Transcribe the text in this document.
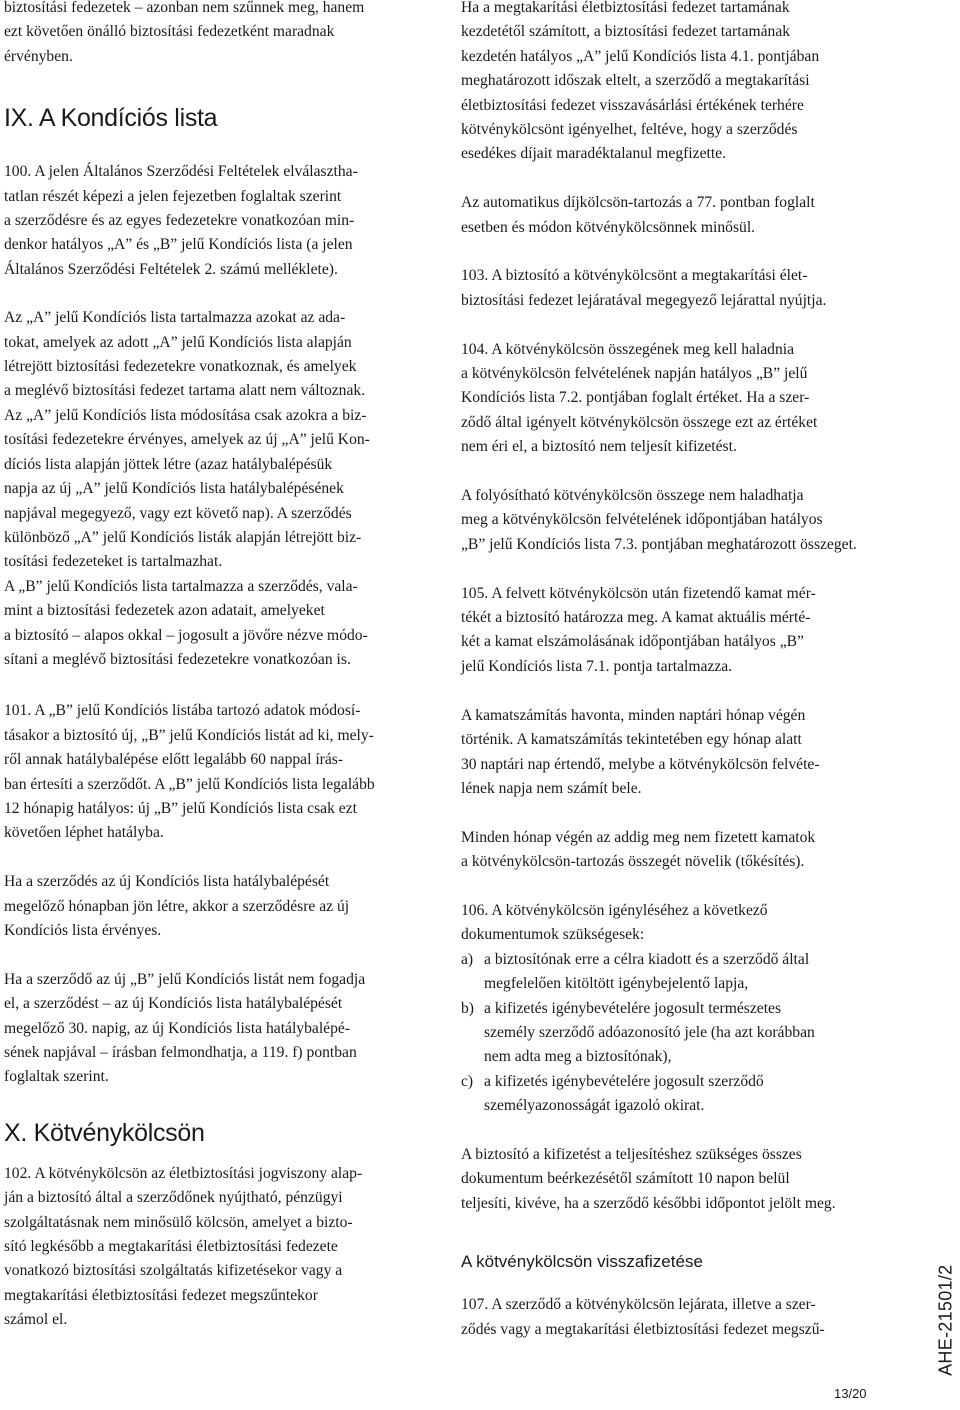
biztosítási fedezetek – azonban nem szűnnek meg, hanem
ezt követően önálló biztosítási fedezetként maradnak
érvényben.

IX. A Kondíciós lista

100. A jelen Általános Szerződési Feltételek elválasztha-
tatlan részét képezi a jelen fejezetben foglaltak szerint
a szerződésre és az egyes fedezetekre vonatkozóan min-
denkor hatályos „A” és „B” jelű Kondíciós lista (a jelen
Általános Szerződési Feltételek 2. számú melléklete).

Az „A” jelű Kondíciós lista tartalmazza azokat az ada-
tokat, amelyek az adott „A” jelű Kondíciós lista alapján
létrejött biztosítási fedezetekre vonatkoznak, és amelyek
a meglévő biztosítási fedezet tartama alatt nem változnak.

Az „A” jelű Kondíciós lista módosítása csak azokra a biz-
tosítási fedezetekre érvényes, amelyek az új „A” jelű Kon-
díciós lista alapján jöttek létre (azaz hatálybalépésük
napja az új „A” jelű Kondíciós lista hatálybalépésének
napjával megegyező, vagy ezt követő nap). A szerződés
különböző „A” jelű Kondíciós listák alapján létrejött biz-
tosítási fedezeteket is tartalmazhat.

A „B” jelű Kondíciós lista tartalmazza a szerződés, vala-
mint a biztosítási fedezetek azon adatait, amelyeket
a biztosító – alapos okkal – jogosult a jövőre nézve módo-
sítani a meglévő biztosítási fedezetekre vonatkozóan is.

101. A „B” jelű Kondíciós listába tartozó adatok módosí-
tásakor a biztosító új, „B” jelű Kondíciós listát ad ki, mely-
ről annak hatálybalépése előtt legalább 60 nappal írás-
ban értesíti a szerződőt. A „B” jelű Kondíciós lista legalább
12 hónapig hatályos: új „B” jelű Kondíciós lista csak ezt
követően léphet hatályba.

Ha a szerződés az új Kondíciós lista hatálybalépését
megelőző hónapban jön létre, akkor a szerződésre az új
Kondíciós lista érvényes.

Ha a szerződő az új „B” jelű Kondíciós listát nem fogadja
el, a szerződést – az új Kondíciós lista hatálybalépését
megelőző 30. napig, az új Kondíciós lista hatálybalépé-
sének napjával – írásban felmondhatja, a 119. f) pontban
foglaltak szerint.

X. Kötvénykölcsön

102. A kötvénykölcsön az életbiztosítási jogviszony alap-
ján a biztosító által a szerződőnek nyújtható, pénzügyi
szolgáltatásnak nem minősülő kölcsön, amelyet a bizto-
sító legkésőbb a megtakarítási életbiztosítási fedezete
vonatkozó biztosítási szolgáltatás kifizetésekor vagy a
megtakarítási életbiztosítási fedezet megszűntekor
számol el.

Ha a megtakarítási életbiztosítási fedezet tartamának
kezdetétől számított, a biztosítási fedezet tartamának
kezdetén hatályos „A” jelű Kondíciós lista 4.1. pontjában
meghatározott időszak eltelt, a szerződő a megtakarítási
életbiztosítási fedezet visszavásárlási értékének terhére
kötvénykölcsönt igényelhet, feltéve, hogy a szerződés
esedékes díjait maradéktalanul megfizette.

Az automatikus díjkölcsön-tartozás a 77. pontban foglalt
esetben és módon kötvénykölcsönnek minősül.

103. A biztosító a kötvénykölcsönt a megtakarítási élet-
biztosítási fedezet lejáratával megegyező lejárattal nyújtja.

104. A kötvénykölcsön összegének meg kell haladnia
a kötvénykölcsön felvételének napján hatályos „B” jelű
Kondíciós lista 7.2. pontjában foglalt értéket. Ha a szer-
ződő által igényelt kötvénykölcsön összege ezt az értéket
nem éri el, a biztosító nem teljesít kifizetést.

A folyósítható kötvénykölcsön összege nem haladhatja
meg a kötvénykölcsön felvételének időpontjában hatályos
„B” jelű Kondíciós lista 7.3. pontjában meghatározott összeget.

105. A felvett kötvénykölcsön után fizetendő kamat mér-
tékét a biztosító határozza meg. A kamat aktuális mérté-
két a kamat elszámolásának időpontjában hatályos „B”
jelű Kondíciós lista 7.1. pontja tartalmazza.

A kamatszámítás havonta, minden naptári hónap végén
történik. A kamatszámítás tekintetében egy hónap alatt
30 naptári nap értendő, melybe a kötvénykölcsön felvéte-
lének napja nem számít bele.

Minden hónap végén az addig meg nem fizetett kamatok
a kötvénykölcsön-tartozás összegét növelik (tőkésítés).

106. A kötvénykölcsön igényléséhez a következő
dokumentumok szükségesek:

a) a biztosítónak erre a célra kiadott és a szerződő által
megfelelően kitöltött igénybejelentő lapja,
b) a kifizetés igénybevételére jogosult természetes
személy szerződő adóazonosító jele (ha azt korábban
nem adta meg a biztosítónak),
c) a kifizetés igénybevételére jogosult szerződő
személyazonosságát igazoló okirat.

A biztosító a kifizetést a teljesítéshez szükséges összes
dokumentum beérkezésétől számított 10 napon belül
teljesíti, kivéve, ha a szerződő későbbi időpontot jelölt meg.

A kötvénykölcsön visszafizetése

107. A szerződő a kötvénykölcsön lejárata, illetve a szer-
ződés vagy a megtakarítási életbiztosítási fedezet megszű-	AHE-21501/2
13/20
